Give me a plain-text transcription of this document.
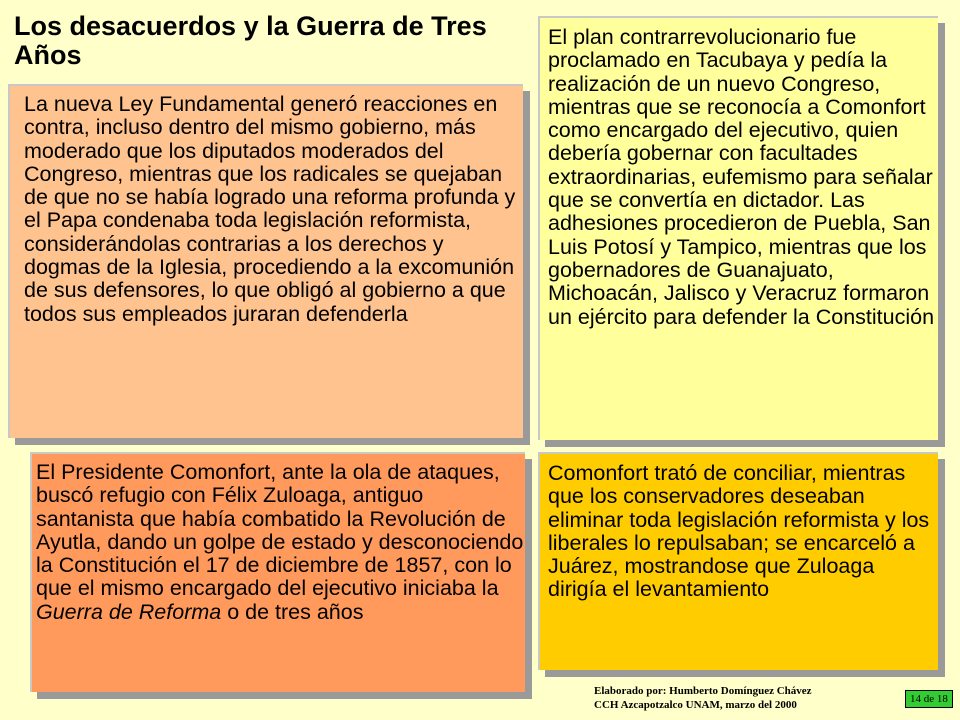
Los desacuerdos y la Guerra de Tres Años

La nueva Ley Fundamental generó reacciones en contra, incluso dentro del mismo gobierno, más moderado que los diputados moderados del Congreso, mientras que los radicales se quejaban de que no se había logrado una reforma profunda y el Papa condenaba toda legislación reformista, considerándolas contrarias a los derechos y dogmas de la Iglesia, procediendo a la excomunión de sus defensores, lo que obligó al gobierno a que todos sus empleados juraran defenderla

El Presidente Comonfort, ante la ola de ataques, buscó refugio con Félix Zuloaga, antiguo santanista que había combatido la Revolución de Ayutla, dando un golpe de estado y desconociendo la Constitución el 17 de diciembre de 1857, con lo que el mismo encargado del ejecutivo iniciaba la Guerra de Reforma o de tres años

El plan contrarrevolucionario fue proclamado en Tacubaya y pedía la realización de un nuevo Congreso, mientras que se reconocía a Comonfort como encargado del ejecutivo, quien debería gobernar con facultades extraordinarias, eufemismo para señalar que se convertía en dictador. Las adhesiones procedieron de Puebla, San Luis Potosí y Tampico, mientras que los gobernadores de Guanajuato, Michoacán, Jalisco y Veracruz formaron un ejército para defender la Constitución

Comonfort trató de conciliar, mientras que los conservadores deseaban eliminar toda legislación reformista y los liberales lo repulsaban; se encarceló a Juárez, mostrandose que Zuloaga dirigía el levantamiento

Elaborado por: Humberto Domínguez Chávez
CCH Azcapotzalco UNAM, marzo del 2000	14 de 18
